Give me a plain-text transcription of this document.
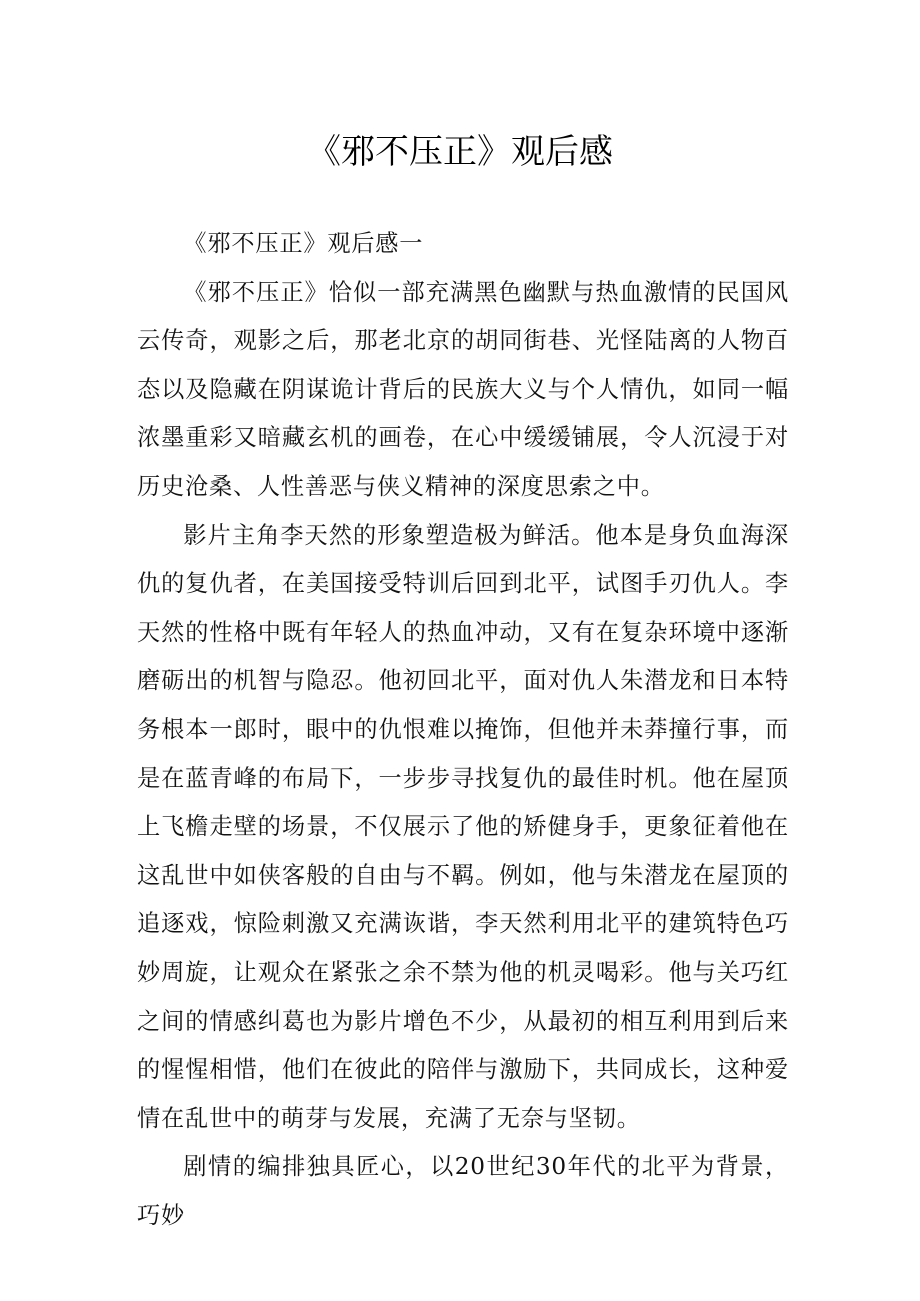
《邪不压正》观后感

《邪不压正》观后感一

《邪不压正》恰似一部充满黑色幽默与热血激情的民国风云传奇，观影之后，那老北京的胡同街巷、光怪陆离的人物百态以及隐藏在阴谋诡计背后的民族大义与个人情仇，如同一幅浓墨重彩又暗藏玄机的画卷，在心中缓缓铺展，令人沉浸于对历史沧桑、人性善恶与侠义精神的深度思索之中。

影片主角李天然的形象塑造极为鲜活。他本是身负血海深仇的复仇者，在美国接受特训后回到北平，试图手刃仇人。李天然的性格中既有年轻人的热血冲动，又有在复杂环境中逐渐磨砺出的机智与隐忍。他初回北平，面对仇人朱潜龙和日本特务根本一郎时，眼中的仇恨难以掩饰，但他并未莽撞行事，而是在蓝青峰的布局下，一步步寻找复仇的最佳时机。他在屋顶上飞檐走壁的场景，不仅展示了他的矫健身手，更象征着他在这乱世中如侠客般的自由与不羁。例如，他与朱潜龙在屋顶的追逐戏，惊险刺激又充满诙谐，李天然利用北平的建筑特色巧妙周旋，让观众在紧张之余不禁为他的机灵喝彩。他与关巧红之间的情感纠葛也为影片增色不少，从最初的相互利用到后来的惺惺相惜，他们在彼此的陪伴与激励下，共同成长，这种爱情在乱世中的萌芽与发展，充满了无奈与坚韧。

剧情的编排独具匠心，以20世纪30年代的北平为背景，巧妙
